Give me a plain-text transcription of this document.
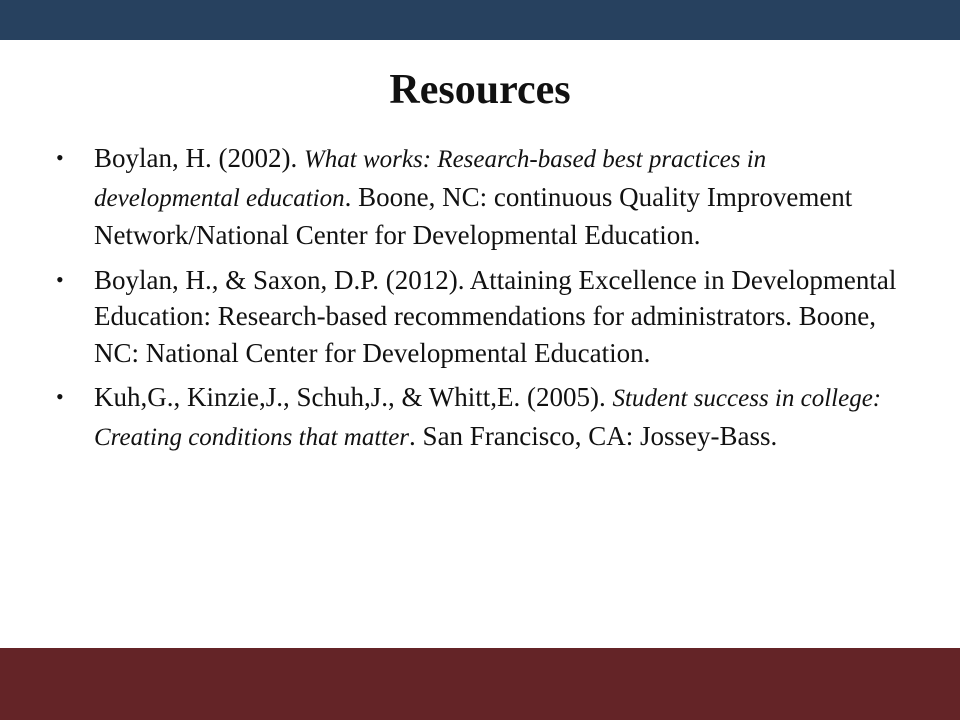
Resources
• Boylan, H. (2002). What works: Research-based best practices in developmental education. Boone, NC: continuous Quality Improvement Network/National Center for Developmental Education.
• Boylan, H., & Saxon, D.P. (2012). Attaining Excellence in Developmental Education: Research-based recommendations for administrators. Boone, NC: National Center for Developmental Education.
• Kuh,G., Kinzie,J., Schuh,J., & Whitt,E. (2005). Student success in college: Creating conditions that matter. San Francisco, CA: Jossey-Bass.
